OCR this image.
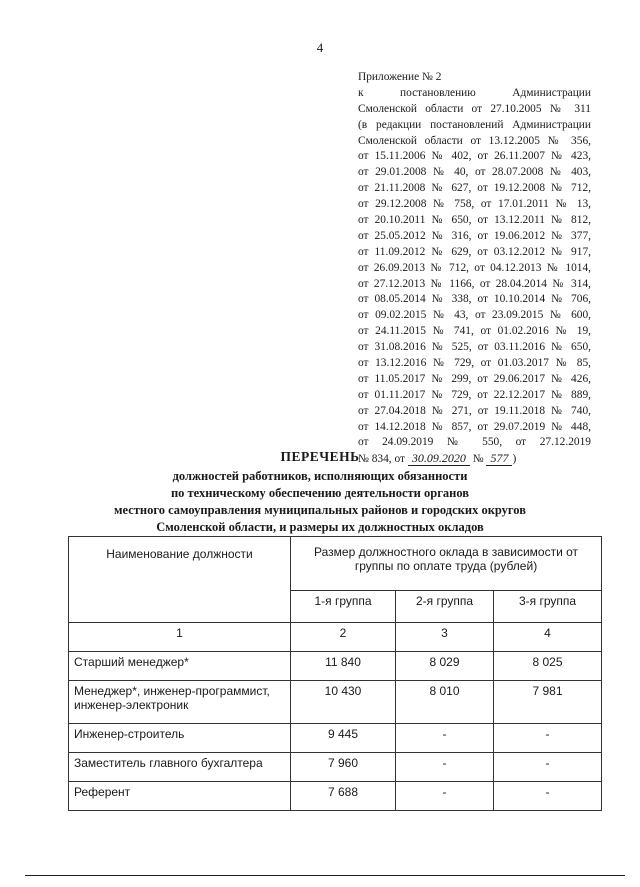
4
Приложение № 2
к постановлению Администрации
Смоленской области от 27.10.2005 № 311
(в редакции постановлений Администрации
Смоленской области от 13.12.2005 № 356,
от 15.11.2006 № 402, от 26.11.2007 № 423,
от 29.01.2008 № 40, от 28.07.2008 № 403,
от 21.11.2008 № 627, от 19.12.2008 № 712,
от 29.12.2008 № 758, от 17.01.2011 № 13,
от 20.10.2011 № 650, от 13.12.2011 № 812,
от 25.05.2012 № 316, от 19.06.2012 № 377,
от 11.09.2012 № 629, от 03.12.2012 № 917,
от 26.09.2013 № 712, от 04.12.2013 № 1014,
от 27.12.2013 № 1166, от 28.04.2014 № 314,
от 08.05.2014 № 338, от 10.10.2014 № 706,
от 09.02.2015 № 43, от 23.09.2015 № 600,
от 24.11.2015 № 741, от 01.02.2016 № 19,
от 31.08.2016 № 525, от 03.11.2016 № 650,
от 13.12.2016 № 729, от 01.03.2017 № 85,
от 11.05.2017 № 299, от 29.06.2017 № 426,
от 01.11.2017 № 729, от 22.12.2017 № 889,
от 27.04.2018 № 271, от 19.11.2018 № 740,
от 14.12.2018 № 857, от 29.07.2019 № 448,
от 24.09.2019 № 550, от 27.12.2019
№ 834, от 30.09.2020 № 577 )
ПЕРЕЧЕНЬ
должностей работников, исполняющих обязанности
по техническому обеспечению деятельности органов
местного самоуправления муниципальных районов и городских округов
Смоленской области, и размеры их должностных окладов
Наименование должности	Размер должностного оклада в зависимости от группы по оплате труда (рублей)		
	1-я группа	2-я группа	3-я группа
1	2	3	4
Старший менеджер*	11 840	8 029	8 025
Менеджер*, инженер-программист, инженер-электроник	10 430	8 010	7 981
Инженер-строитель	9 445	-	-
Заместитель главного бухгалтера	7 960	-	-
Референт	7 688	-	-
